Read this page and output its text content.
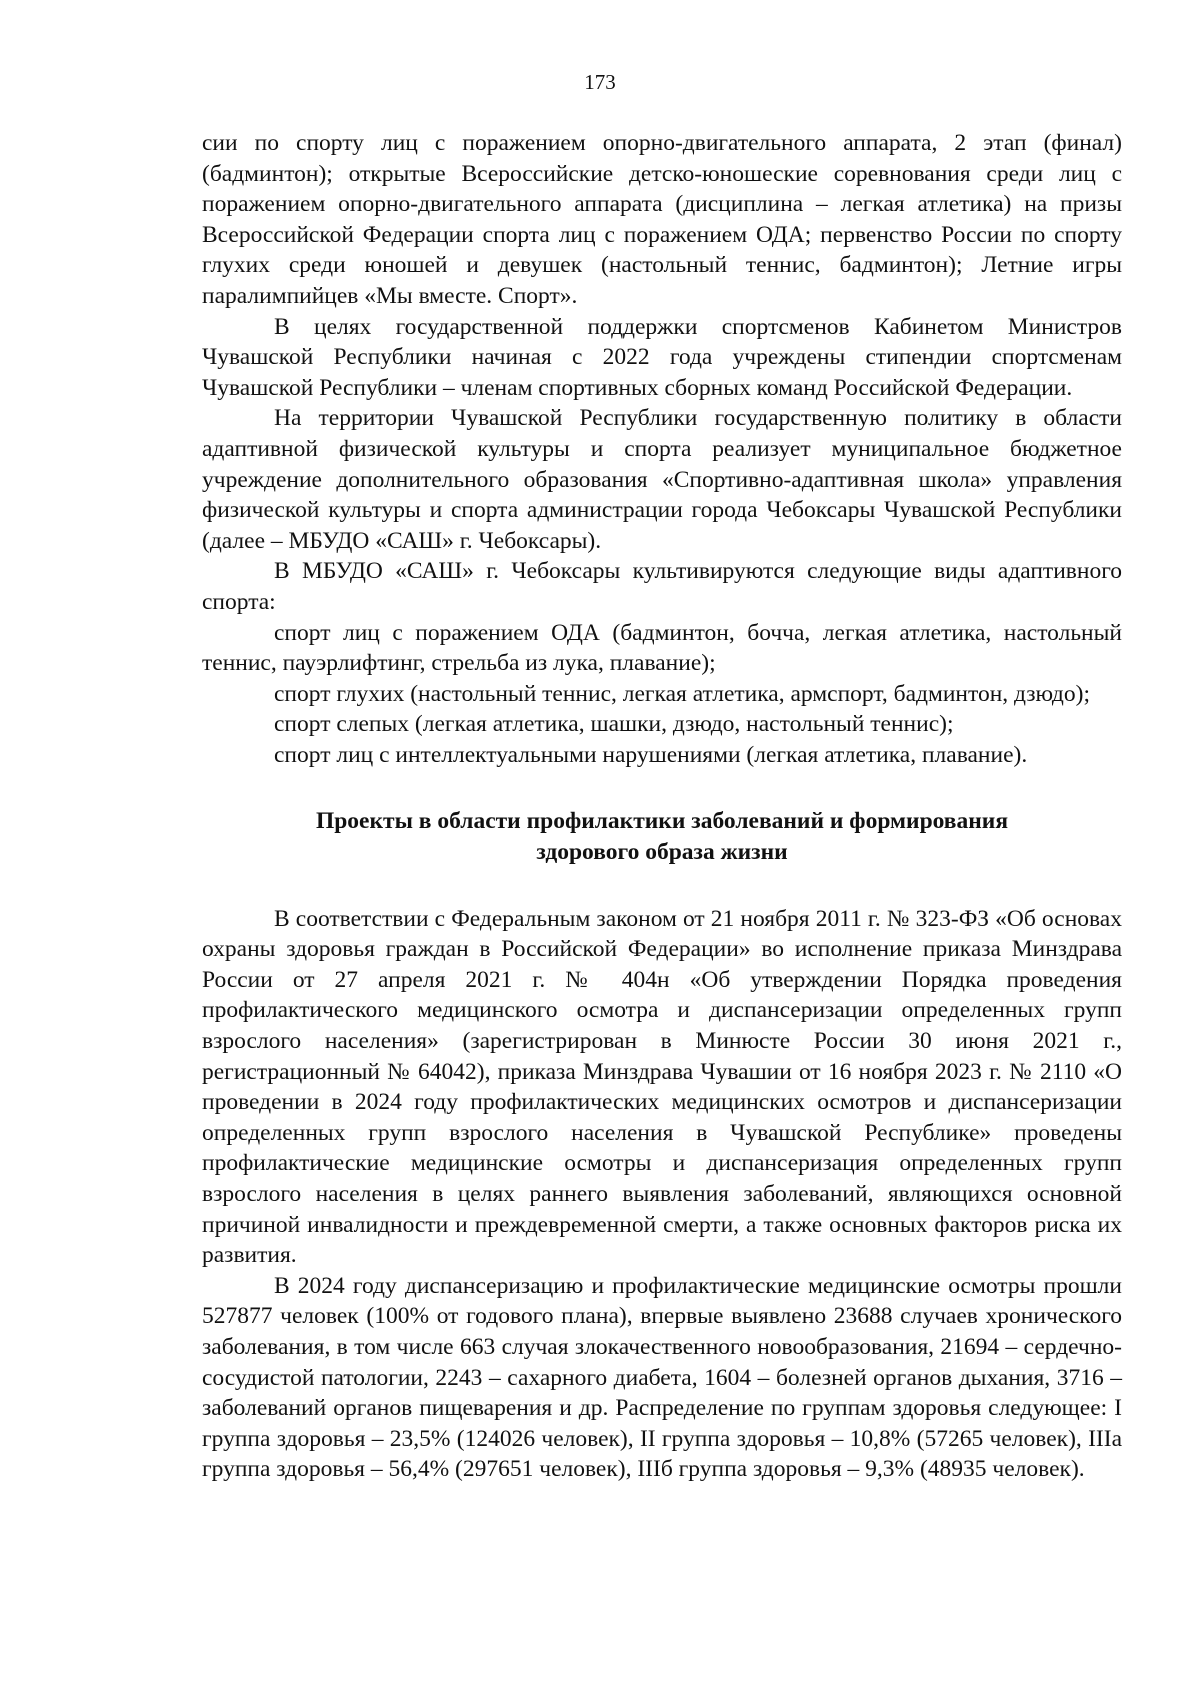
173

сии по спорту лиц с поражением опорно-двигательного аппарата, 2 этап (финал) (бадминтон); открытые Всероссийские детско-юношеские соревнования среди лиц с поражением опорно-двигательного аппарата (дисциплина – легкая атлетика) на призы Всероссийской Федерации спорта лиц с поражением ОДА; первенство России по спорту глухих среди юношей и девушек (настольный теннис, бадминтон); Летние игры паралимпийцев «Мы вместе. Спорт».

В целях государственной поддержки спортсменов Кабинетом Министров Чувашской Республики начиная с 2022 года учреждены стипендии спортсменам Чувашской Республики – членам спортивных сборных команд Российской Федерации.

На территории Чувашской Республики государственную политику в области адаптивной физической культуры и спорта реализует муниципальное бюджетное учреждение дополнительного образования «Спортивно-адаптивная школа» управления физической культуры и спорта администрации города Чебоксары Чувашской Республики (далее – МБУДО «САШ» г. Чебоксары).

В МБУДО «САШ» г. Чебоксары культивируются следующие виды адаптивного спорта:

спорт лиц с поражением ОДА (бадминтон, бочча, легкая атлетика, настольный теннис, пауэрлифтинг, стрельба из лука, плавание);

спорт глухих (настольный теннис, легкая атлетика, армспорт, бадминтон, дзюдо);

спорт слепых (легкая атлетика, шашки, дзюдо, настольный теннис);

спорт лиц с интеллектуальными нарушениями (легкая атлетика, плавание).

Проекты в области профилактики заболеваний и формирования
здорового образа жизни

В соответствии с Федеральным законом от 21 ноября 2011 г. № 323-ФЗ «Об основах охраны здоровья граждан в Российской Федерации» во исполнение приказа Минздрава России от 27 апреля 2021 г. № 404н «Об утверждении Порядка проведения профилактического медицинского осмотра и диспансеризации определенных групп взрослого населения» (зарегистрирован в Минюсте России 30 июня 2021 г., регистрационный № 64042), приказа Минздрава Чувашии от 16 ноября 2023 г. № 2110 «О проведении в 2024 году профилактических медицинских осмотров и диспансеризации определенных групп взрослого населения в Чувашской Республике» проведены профилактические медицинские осмотры и диспансеризация определенных групп взрослого населения в целях раннего выявления заболеваний, являющихся основной причиной инвалидности и преждевременной смерти, а также основных факторов риска их развития.

В 2024 году диспансеризацию и профилактические медицинские осмотры прошли 527877 человек (100% от годового плана), впервые выявлено 23688 случаев хронического заболевания, в том числе 663 случая злокачественного новообразования, 21694 – сердечно-сосудистой патологии, 2243 – сахарного диабета, 1604 – болезней органов дыхания, 3716 – заболеваний органов пищеварения и др. Распределение по группам здоровья следующее: I группа здоровья – 23,5% (124026 человек), II группа здоровья – 10,8% (57265 человек), IIIа группа здоровья – 56,4% (297651 человек), IIIб группа здоровья – 9,3% (48935 человек).
